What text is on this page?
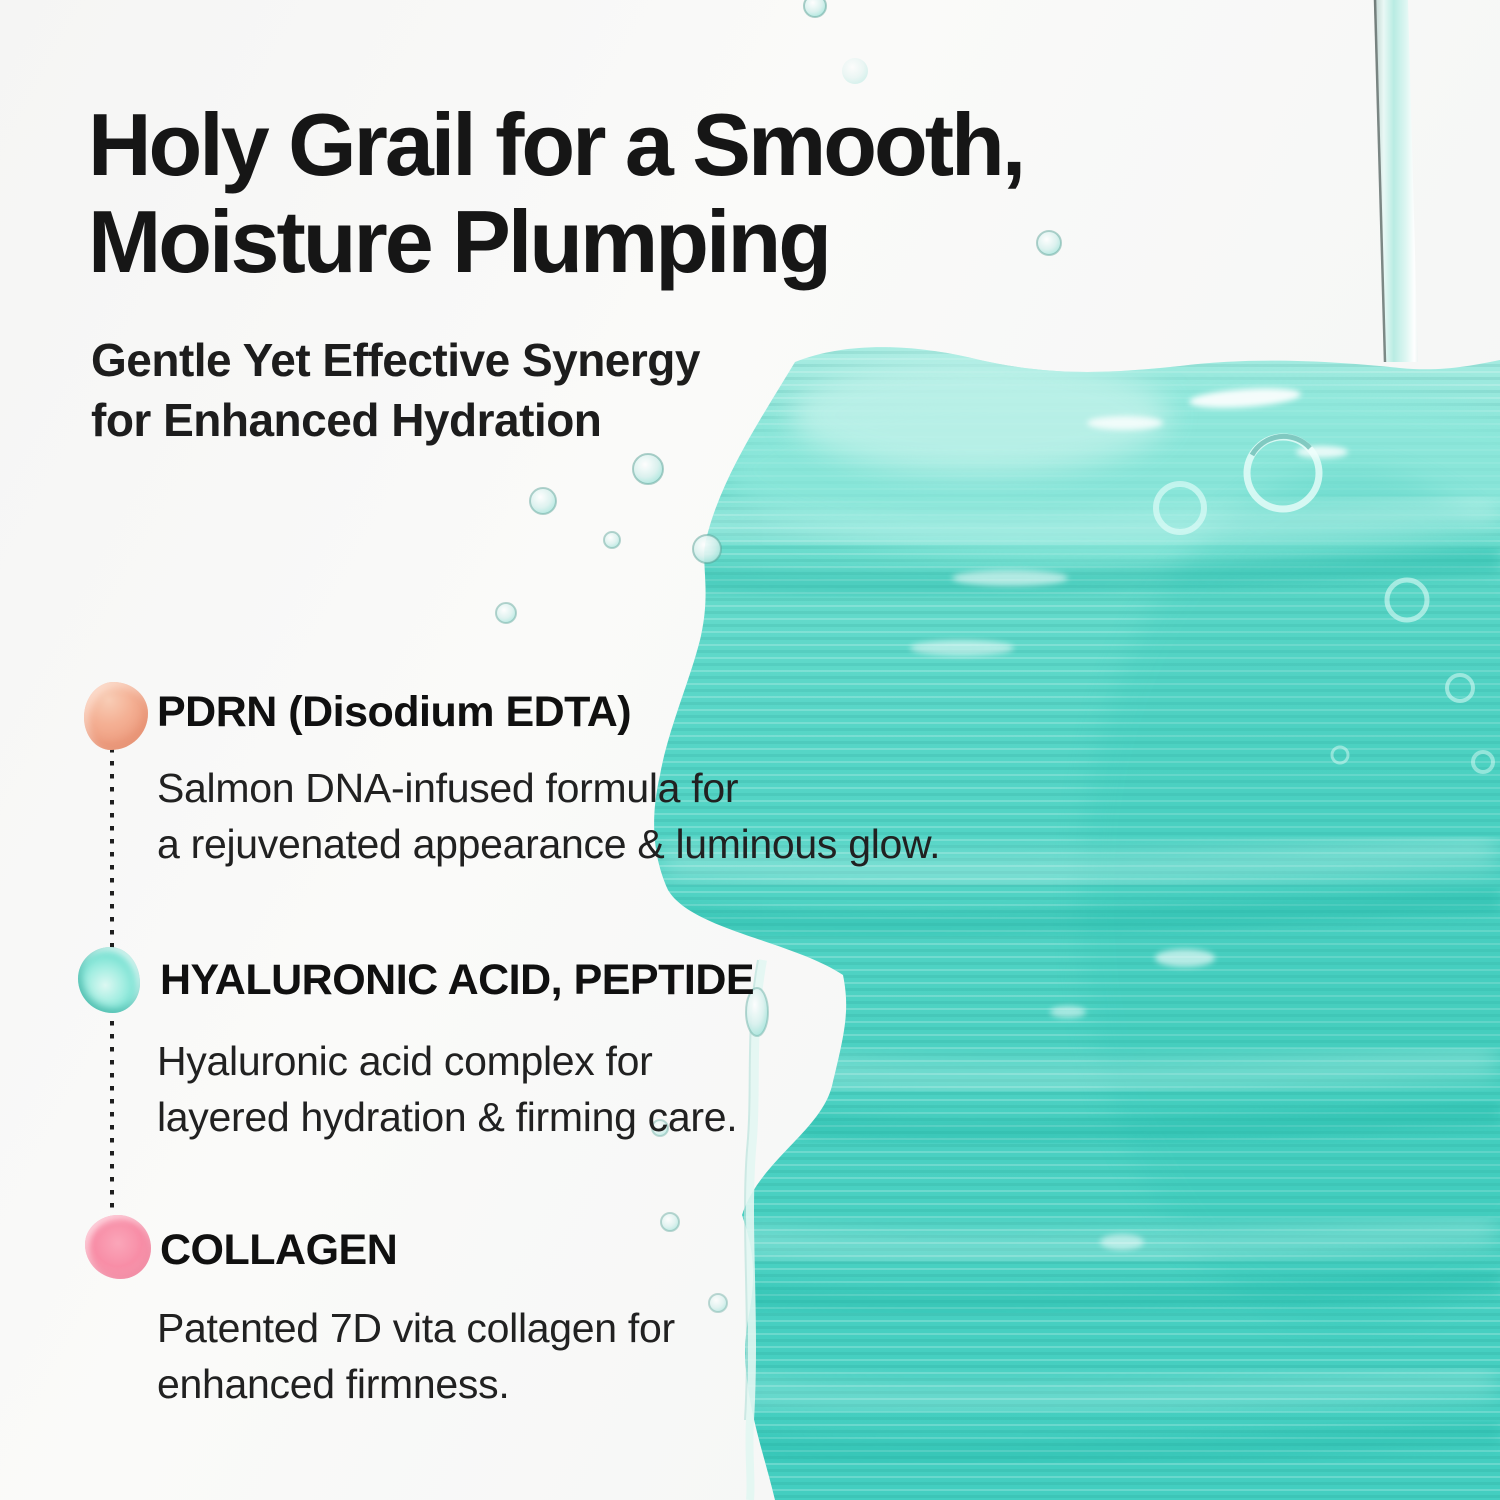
Holy Grail for a Smooth,
Moisture Plumping
Gentle Yet Effective Synergy
for Enhanced Hydration
PDRN (Disodium EDTA)
Salmon DNA-infused formula for
a rejuvenated appearance & luminous glow.
HYALURONIC ACID, PEPTIDE
Hyaluronic acid complex for
layered hydration & firming care.
COLLAGEN
Patented 7D vita collagen for
enhanced firmness.
